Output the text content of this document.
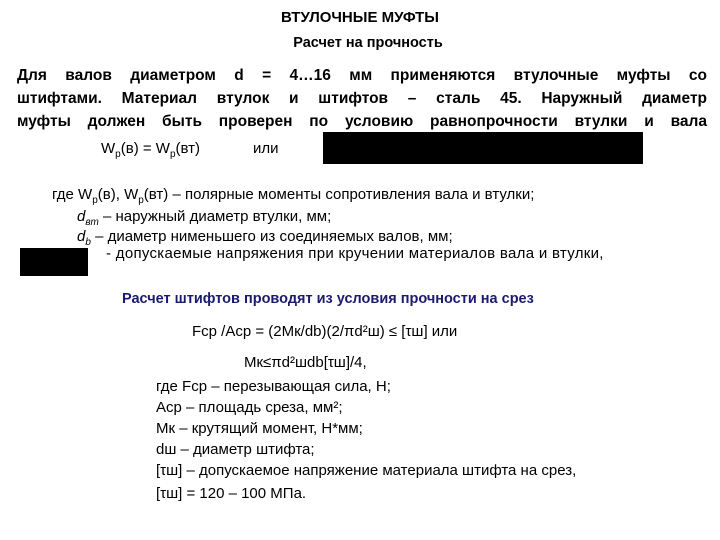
ВТУЛОЧНЫЕ МУФТЫ
Расчет на прочность
Для валов диаметром d = 4…16 мм применяются втулочные муфты со
штифтами. Материал втулок и штифтов – сталь 45. Наружный диаметр
муфты должен быть проверен по условию равнопрочности втулки и вала
$W_p(в) = W_p(вт)$	или
где $W_p(в)$, $W_p(вт)$ – полярные моменты сопротивления вала и втулки;
$d_{вт}$ – наружный диаметр втулки, мм;
$d_b$ – диаметр нименьшего из соединяемых валов, мм;
- допускаемые напряжения при кручении материалов вала и втулки,
Расчет штифтов проводят из условия прочности на срез
Fср /Aср = (2Mк/db)(2/πd²ш) ≤ [τш] или
Mк≤πd²шdb[τш]/4,
где Fср – перезывающая сила, Н;
Aср – площадь среза, мм²;
Мк – крутящий момент, Н*мм;
dш – диаметр штифта;
[τш] – допускаемое напряжение материала штифта на срез,
[τш] = 120 – 100 МПа.
